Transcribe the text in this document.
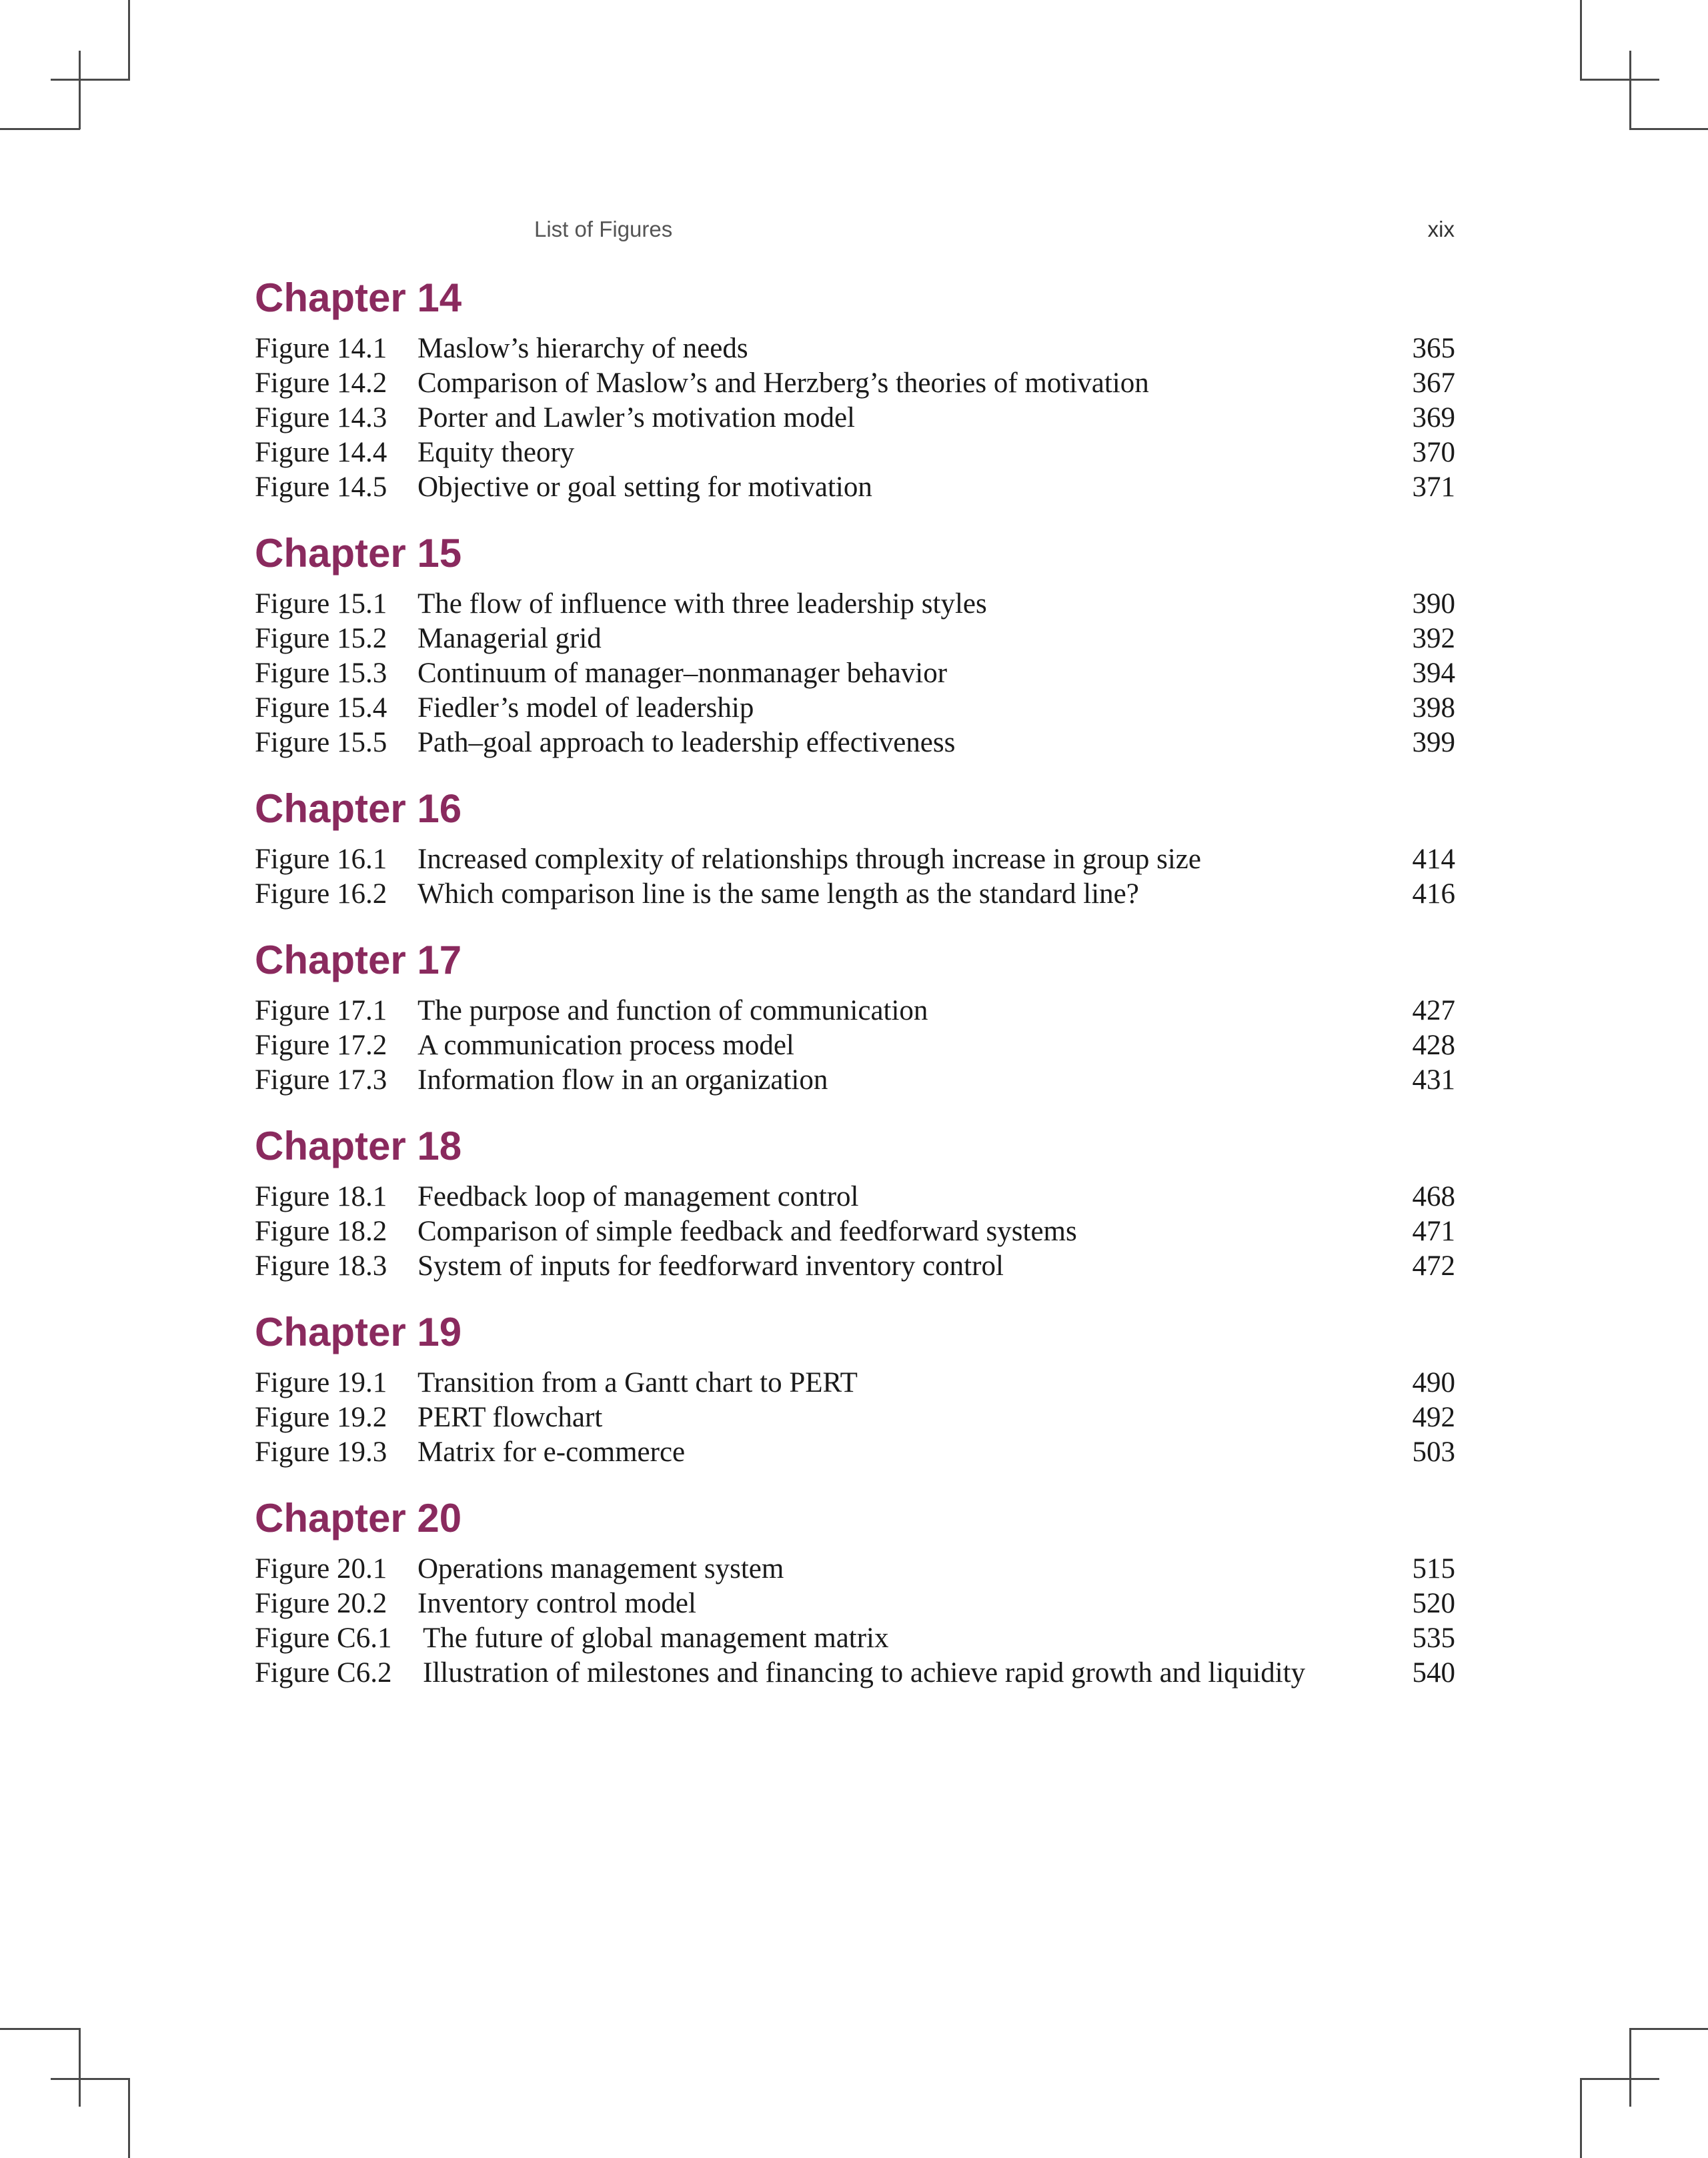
List of Figures	xix
Chapter 14
Figure 14.1 Maslow’s hierarchy of needs	365
Figure 14.2 Comparison of Maslow’s and Herzberg’s theories of motivation	367
Figure 14.3 Porter and Lawler’s motivation model	369
Figure 14.4 Equity theory	370
Figure 14.5 Objective or goal setting for motivation	371
Chapter 15
Figure 15.1 The flow of influence with three leadership styles	390
Figure 15.2 Managerial grid	392
Figure 15.3 Continuum of manager–nonmanager behavior	394
Figure 15.4 Fiedler’s model of leadership	398
Figure 15.5 Path–goal approach to leadership effectiveness	399
Chapter 16
Figure 16.1 Increased complexity of relationships through increase in group size	414
Figure 16.2 Which comparison line is the same length as the standard line?	416
Chapter 17
Figure 17.1 The purpose and function of communication	427
Figure 17.2 A communication process model	428
Figure 17.3 Information flow in an organization	431
Chapter 18
Figure 18.1 Feedback loop of management control	468
Figure 18.2 Comparison of simple feedback and feedforward systems	471
Figure 18.3 System of inputs for feedforward inventory control	472
Chapter 19
Figure 19.1 Transition from a Gantt chart to PERT	490
Figure 19.2 PERT flowchart	492
Figure 19.3 Matrix for e-commerce	503
Chapter 20
Figure 20.1 Operations management system	515
Figure 20.2 Inventory control model	520
Figure C6.1 The future of global management matrix	535
Figure C6.2 Illustration of milestones and financing to achieve rapid growth and liquidity	540
